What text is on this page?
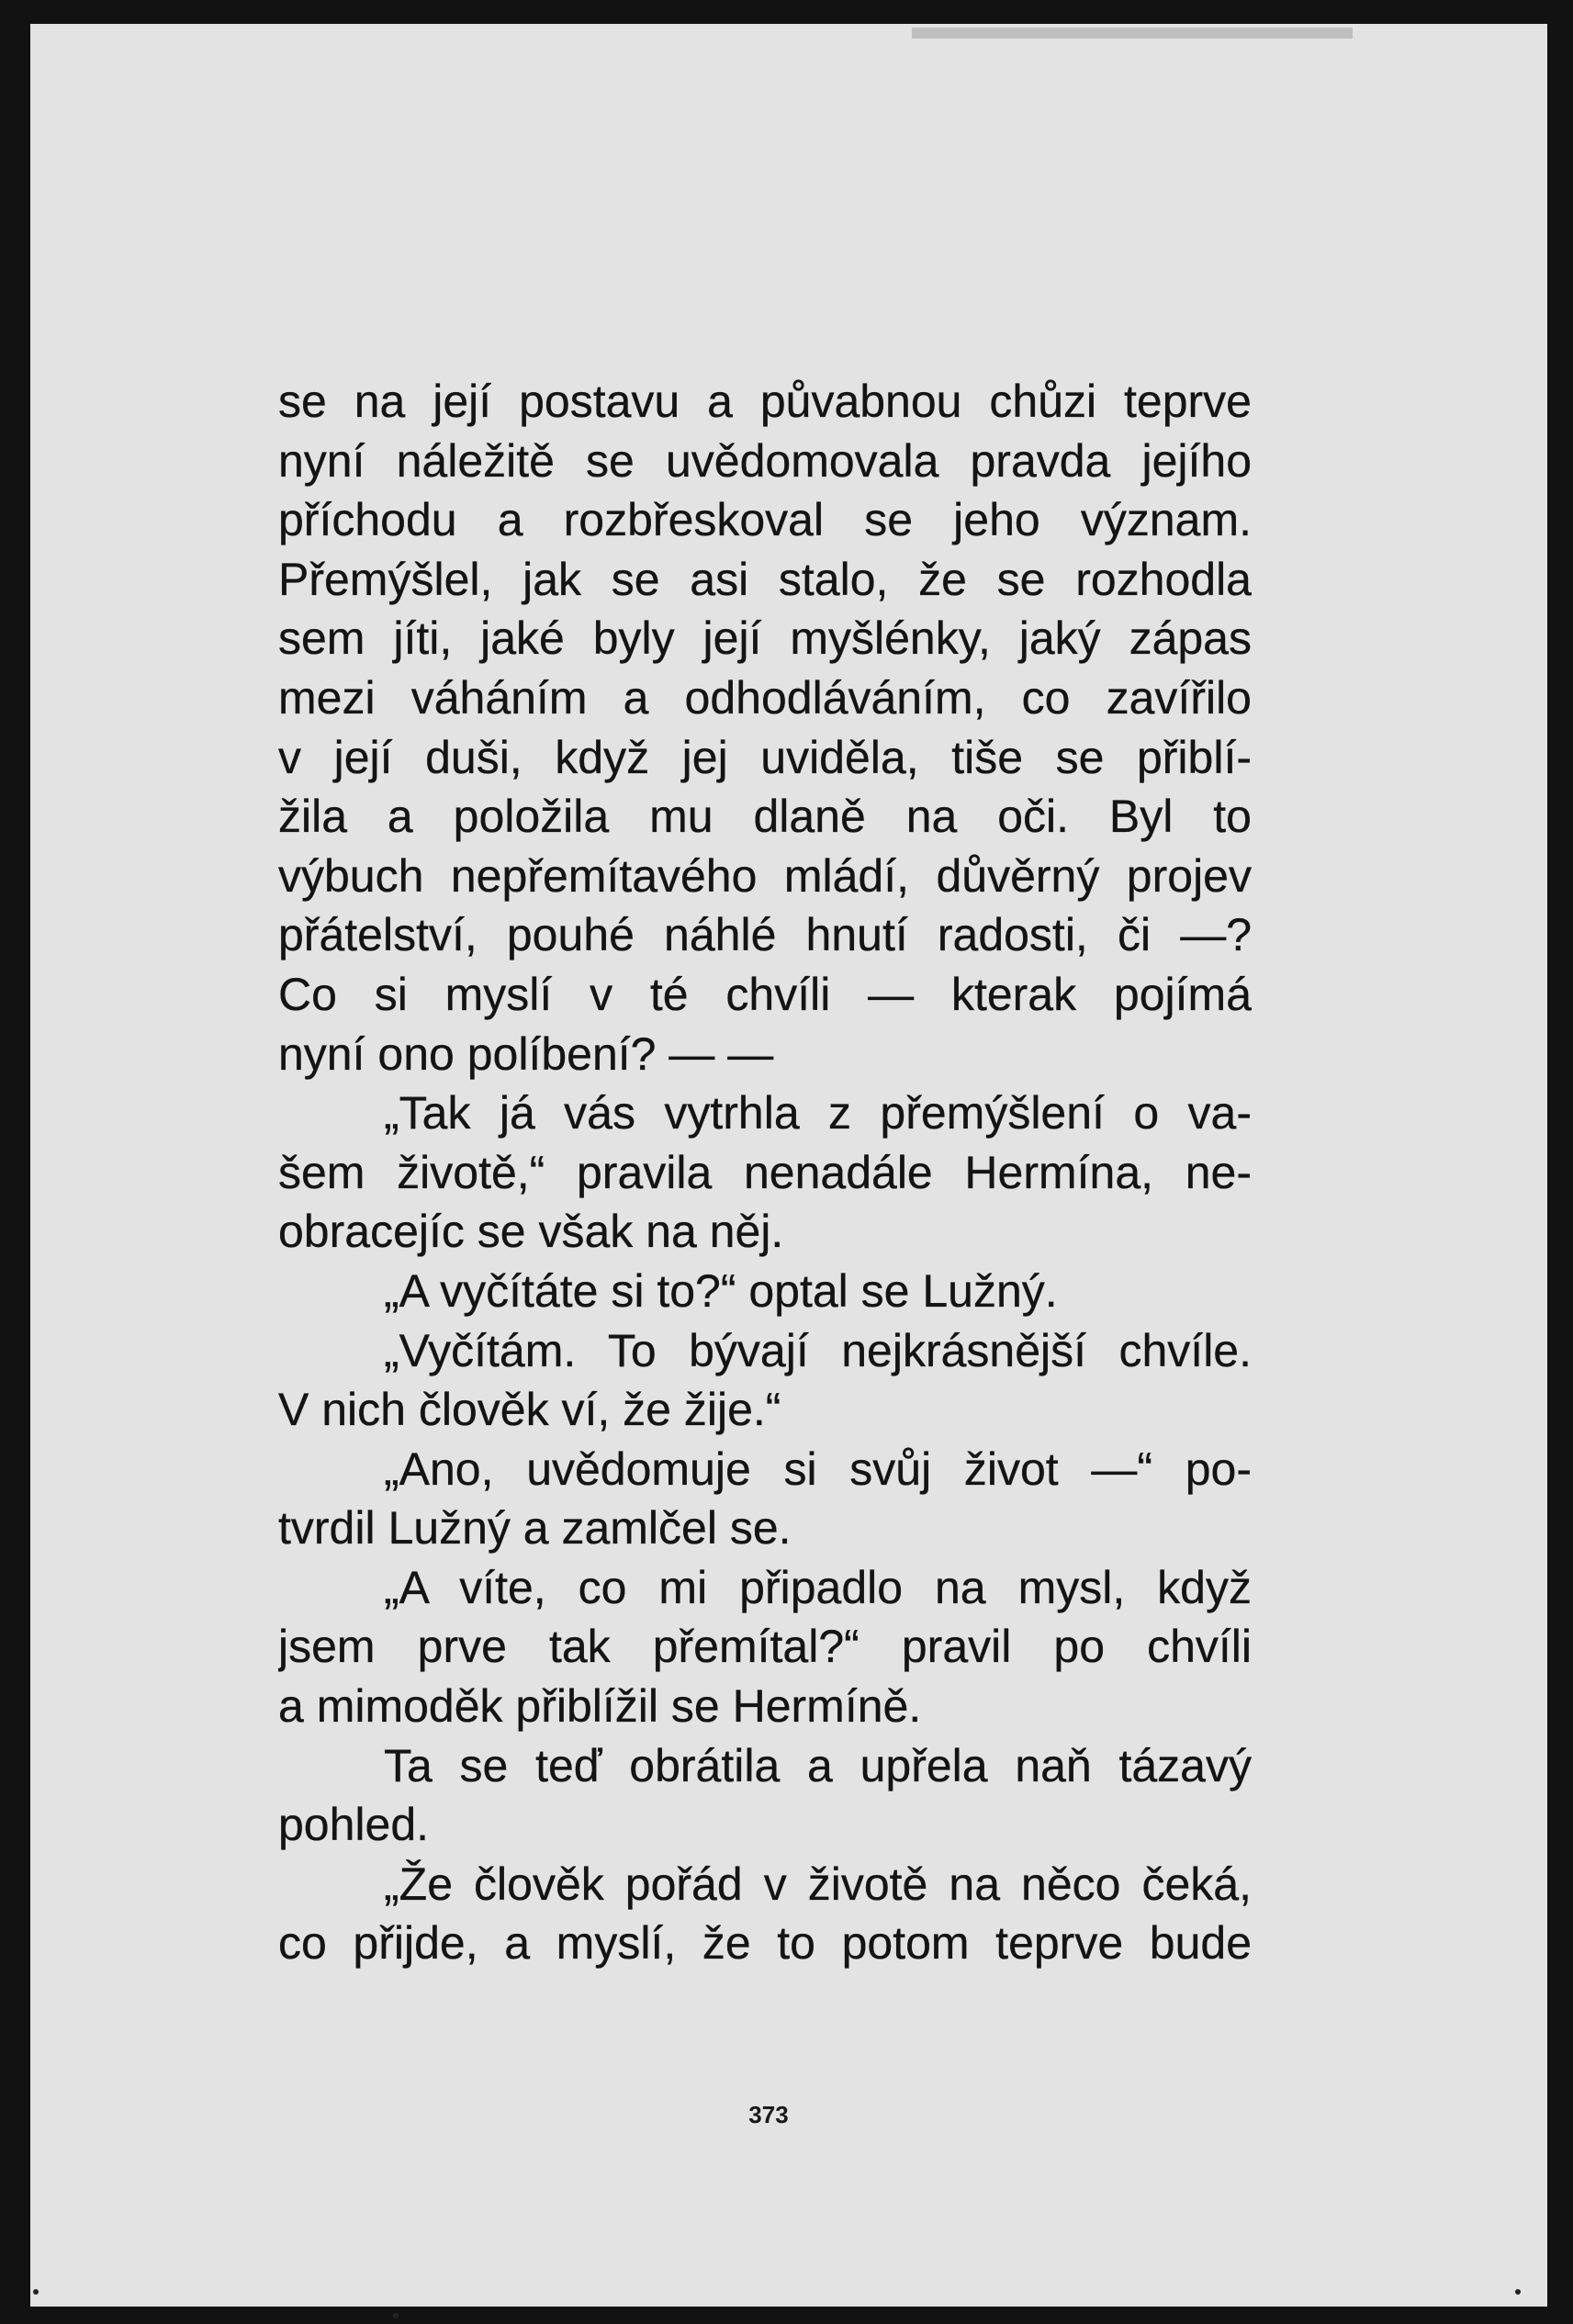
se na její postavu a půvabnou chůzi teprve
nyní náležitě se uvědomovala pravda jejího
příchodu a rozbřeskoval se jeho význam.
Přemýšlel, jak se asi stalo, že se rozhodla
sem jíti, jaké byly její myšlénky, jaký zápas
mezi váháním a odhodláváním, co zavířilo
v její duši, když jej uviděla, tiše se přiblí-
žila a položila mu dlaně na oči. Byl to
výbuch nepřemítavého mládí, důvěrný projev
přátelství, pouhé náhlé hnutí radosti, či —?
Co si myslí v té chvíli — kterak pojímá
nyní ono políbení? — —
„Tak já vás vytrhla z přemýšlení o va-
šem životě,“ pravila nenadále Hermína, ne-
obracejíc se však na něj.
„A vyčítáte si to?“ optal se Lužný.
„Vyčítám. To bývají nejkrásnější chvíle.
V nich člověk ví, že žije.“
„Ano, uvědomuje si svůj život —“ po-
tvrdil Lužný a zamlčel se.
„A víte, co mi připadlo na mysl, když
jsem prve tak přemítal?“ pravil po chvíli
a mimoděk přiblížil se Hermíně.
Ta se teď obrátila a upřela naň tázavý
pohled.
„Že člověk pořád v životě na něco čeká,
co přijde, a myslí, že to potom teprve bude
373
